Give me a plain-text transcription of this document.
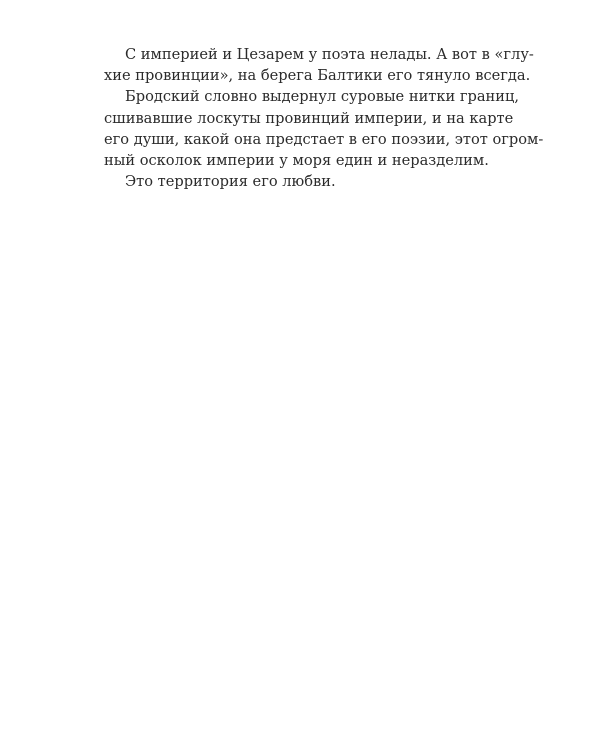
С империей и Цезарем у поэта нелады. А вот в «глу-
хие провинции», на берега Балтики его тянуло всегда.
Бродский словно выдернул суровые нитки границ,
сшивавшие лоскуты провинций империи, и на карте
его души, какой она предстает в его поэзии, этот огром-
ный осколок империи у моря един и неразделим.
Это территория его любви.
